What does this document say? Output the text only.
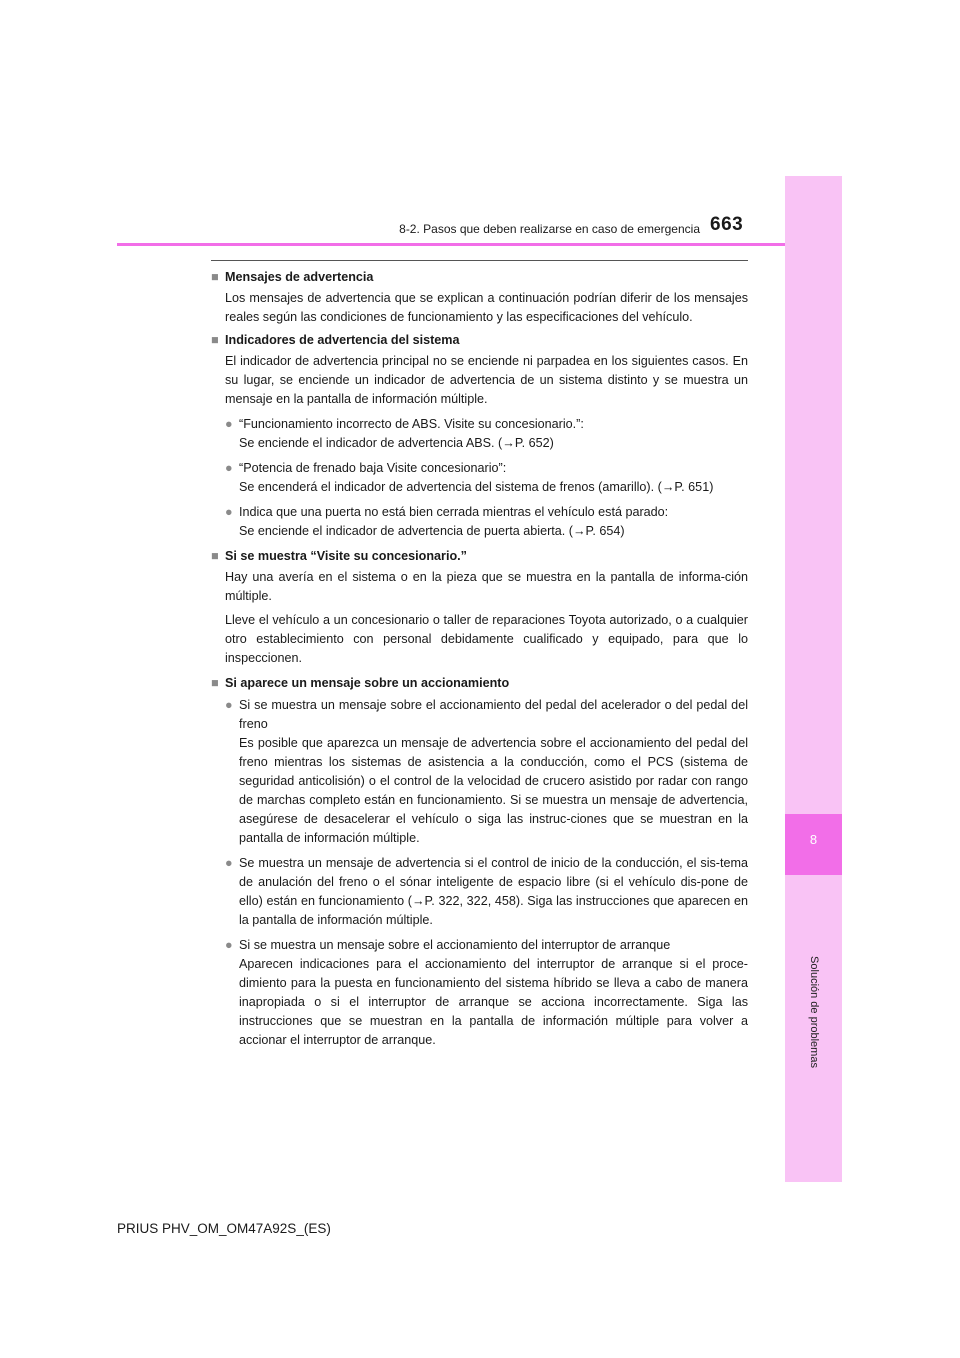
8
Solución de problemas
8-2. Pasos que deben realizarse en caso de emergencia 663
■ Mensajes de advertencia
Los mensajes de advertencia que se explican a continuación podrían diferir de los mensajes reales según las condiciones de funcionamiento y las especificaciones del vehículo.
■ Indicadores de advertencia del sistema
El indicador de advertencia principal no se enciende ni parpadea en los siguientes casos. En su lugar, se enciende un indicador de advertencia de un sistema distinto y se muestra un mensaje en la pantalla de información múltiple.
● “Funcionamiento incorrecto de ABS. Visite su concesionario.”:
Se enciende el indicador de advertencia ABS. (→P. 652)
● “Potencia de frenado baja Visite concesionario”:
Se encenderá el indicador de advertencia del sistema de frenos (amarillo). (→P. 651)
● Indica que una puerta no está bien cerrada mientras el vehículo está parado:
Se enciende el indicador de advertencia de puerta abierta. (→P. 654)
■ Si se muestra “Visite su concesionario.”
Hay una avería en el sistema o en la pieza que se muestra en la pantalla de informa-ción múltiple.
Lleve el vehículo a un concesionario o taller de reparaciones Toyota autorizado, o a cualquier otro establecimiento con personal debidamente cualificado y equipado, para que lo inspeccionen.
■ Si aparece un mensaje sobre un accionamiento
● Si se muestra un mensaje sobre el accionamiento del pedal del acelerador o del pedal del freno
Es posible que aparezca un mensaje de advertencia sobre el accionamiento del pedal del freno mientras los sistemas de asistencia a la conducción, como el PCS (sistema de seguridad anticolisión) o el control de la velocidad de crucero asistido por radar con rango de marchas completo están en funcionamiento. Si se muestra un mensaje de advertencia, asegúrese de desacelerar el vehículo o siga las instruc-ciones que se muestran en la pantalla de información múltiple.
● Se muestra un mensaje de advertencia si el control de inicio de la conducción, el sis-tema de anulación del freno o el sónar inteligente de espacio libre (si el vehículo dis-pone de ello) están en funcionamiento (→P. 322, 322, 458). Siga las instrucciones que aparecen en la pantalla de información múltiple.
● Si se muestra un mensaje sobre el accionamiento del interruptor de arranque
Aparecen indicaciones para el accionamiento del interruptor de arranque si el proce-dimiento para la puesta en funcionamiento del sistema híbrido se lleva a cabo de manera inapropiada o si el interruptor de arranque se acciona incorrectamente. Siga las instrucciones que se muestran en la pantalla de información múltiple para volver a accionar el interruptor de arranque.
PRIUS PHV_OM_OM47A92S_(ES)
